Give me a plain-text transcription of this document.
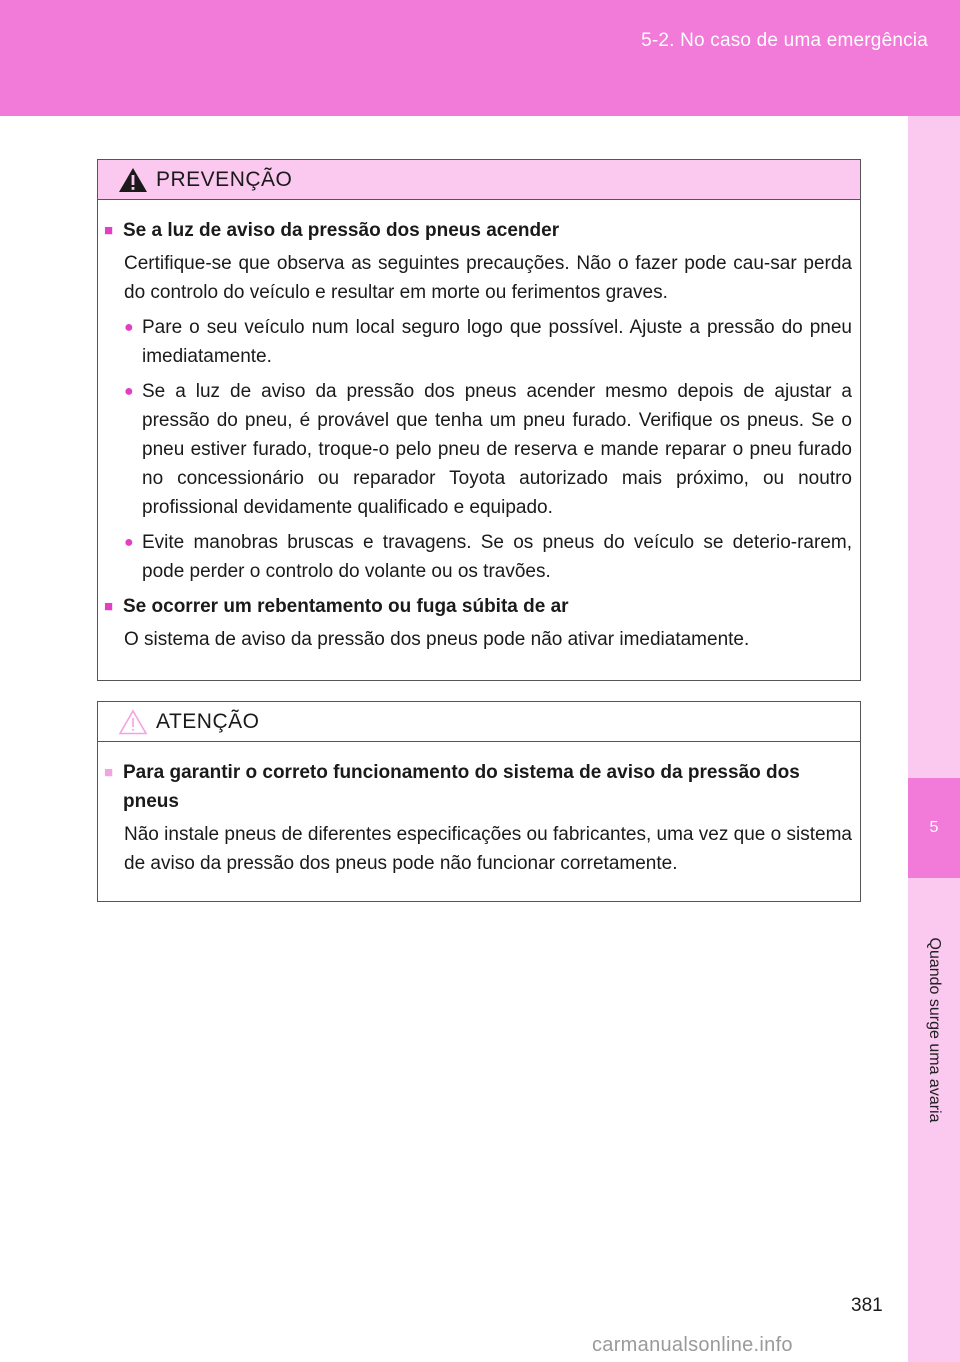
5-2. No caso de uma emergência
5
Quando surge uma avaria
PREVENÇÃO
■ Se a luz de aviso da pressão dos pneus acender
Certifique-se que observa as seguintes precauções. Não o fazer pode cau-sar perda do controlo do veículo e resultar em morte ou ferimentos graves.
● Pare o seu veículo num local seguro logo que possível. Ajuste a pressão do pneu imediatamente.
● Se a luz de aviso da pressão dos pneus acender mesmo depois de ajustar a pressão do pneu, é provável que tenha um pneu furado. Verifique os pneus. Se o pneu estiver furado, troque-o pelo pneu de reserva e mande reparar o pneu furado no concessionário ou reparador Toyota autorizado mais próximo, ou noutro profissional devidamente qualificado e equipado.
● Evite manobras bruscas e travagens. Se os pneus do veículo se deterio-rarem, pode perder o controlo do volante ou os travões.
■ Se ocorrer um rebentamento ou fuga súbita de ar
O sistema de aviso da pressão dos pneus pode não ativar imediatamente.
ATENÇÃO
■ Para garantir o correto funcionamento do sistema de aviso da pressão dos pneus
Não instale pneus de diferentes especificações ou fabricantes, uma vez que o sistema de aviso da pressão dos pneus pode não funcionar corretamente.
381
carmanualsonline.info
